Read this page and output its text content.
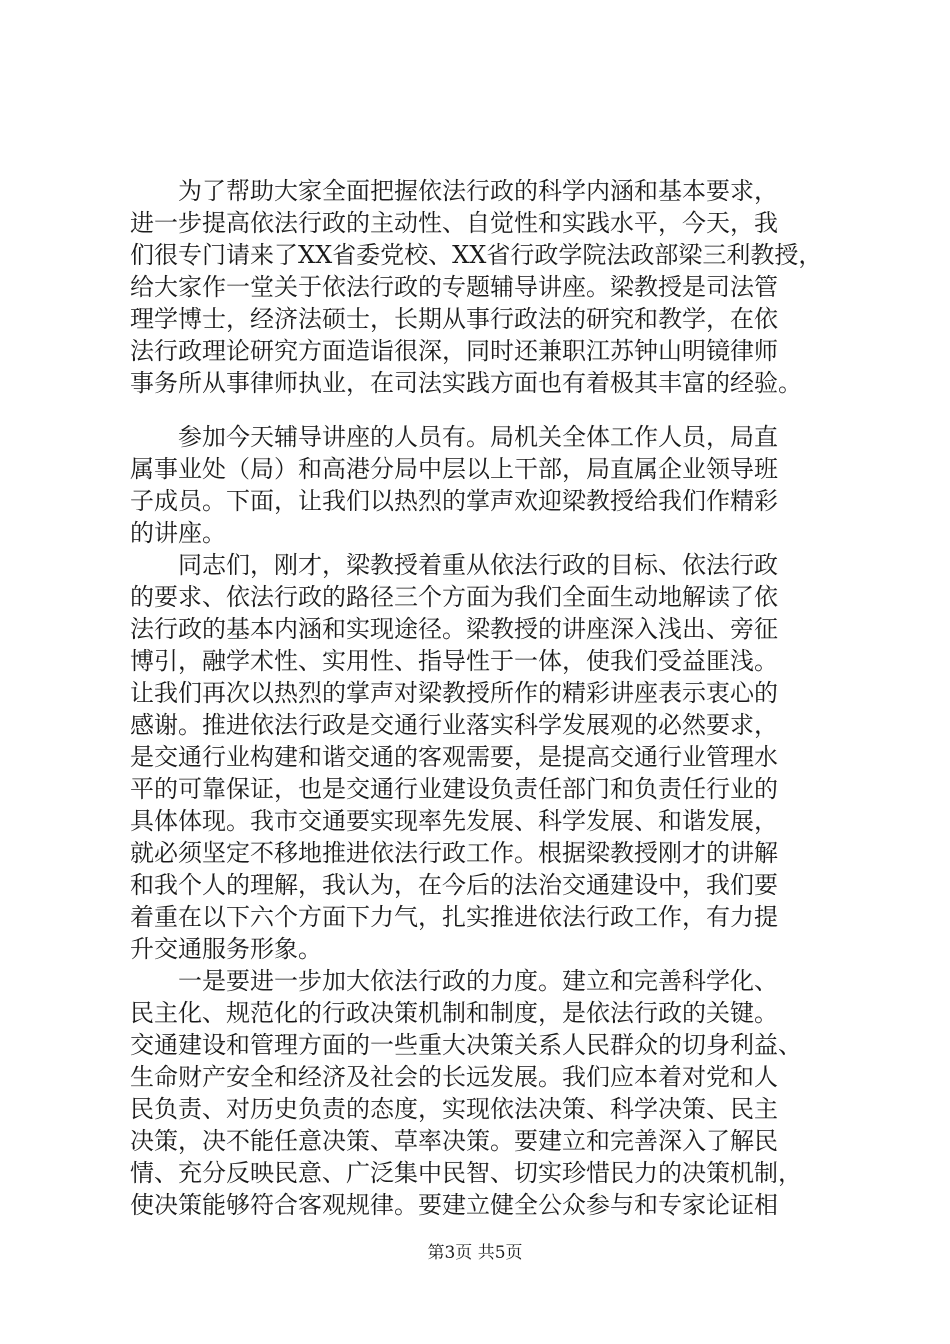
　　为了帮助大家全面把握依法行政的科学内涵和基本要求，
进一步提高依法行政的主动性、自觉性和实践水平，今天，我
们很专门请来了XX省委党校、XX省行政学院法政部梁三利教授，
给大家作一堂关于依法行政的专题辅导讲座。梁教授是司法管
理学博士，经济法硕士，长期从事行政法的研究和教学，在依
法行政理论研究方面造诣很深，同时还兼职江苏钟山明镜律师
事务所从事律师执业，在司法实践方面也有着极其丰富的经验。
　　参加今天辅导讲座的人员有。局机关全体工作人员，局直
属事业处（局）和高港分局中层以上干部，局直属企业领导班
子成员。下面，让我们以热烈的掌声欢迎梁教授给我们作精彩
的讲座。
　　同志们，刚才，梁教授着重从依法行政的目标、依法行政
的要求、依法行政的路径三个方面为我们全面生动地解读了依
法行政的基本内涵和实现途径。梁教授的讲座深入浅出、旁征
博引，融学术性、实用性、指导性于一体，使我们受益匪浅。
让我们再次以热烈的掌声对梁教授所作的精彩讲座表示衷心的
感谢。推进依法行政是交通行业落实科学发展观的必然要求，
是交通行业构建和谐交通的客观需要，是提高交通行业管理水
平的可靠保证，也是交通行业建设负责任部门和负责任行业的
具体体现。我市交通要实现率先发展、科学发展、和谐发展，
就必须坚定不移地推进依法行政工作。根据梁教授刚才的讲解
和我个人的理解，我认为，在今后的法治交通建设中，我们要
着重在以下六个方面下力气，扎实推进依法行政工作，有力提
升交通服务形象。
　　一是要进一步加大依法行政的力度。建立和完善科学化、
民主化、规范化的行政决策机制和制度，是依法行政的关键。
交通建设和管理方面的一些重大决策关系人民群众的切身利益、
生命财产安全和经济及社会的长远发展。我们应本着对党和人
民负责、对历史负责的态度，实现依法决策、科学决策、民主
决策，决不能任意决策、草率决策。要建立和完善深入了解民
情、充分反映民意、广泛集中民智、切实珍惜民力的决策机制，
使决策能够符合客观规律。要建立健全公众参与和专家论证相
第3页 共5页
